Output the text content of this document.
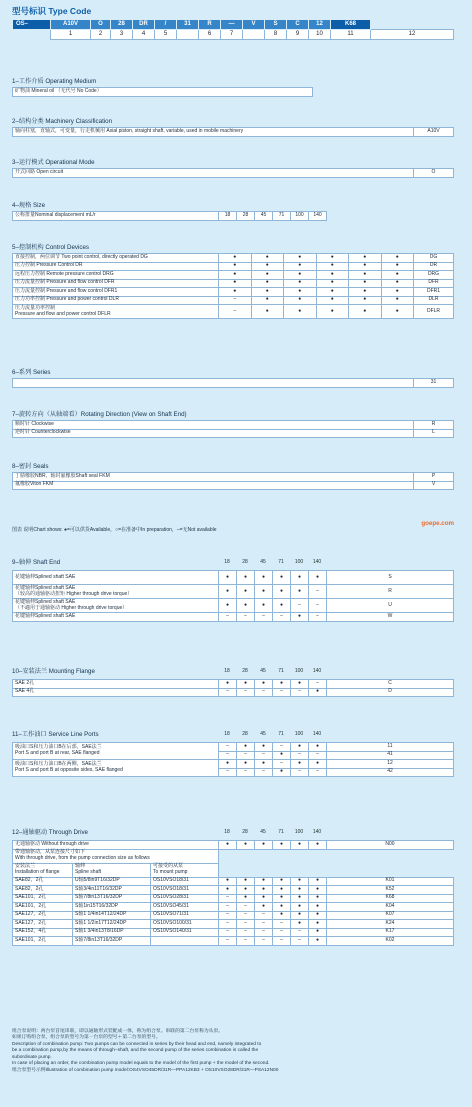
型号标识 Type Code
OS–	A10V	O	28	DR	/	31	R	—	V	S	C	12	K68	
	1	2	3	4	5		6	7		8	9	10	11	12
1–工作介质 Operating Medium
矿物油 Mineral oil （无代号 No Code）	
2–结构分类 Machinery Classification
轴向柱塞，直轴式，可变量，行走机械用 Axial piston, straight shaft, variable, used in mobile machinery	A10V
3–运行模式 Operational Mode
开式回路 Open circuit	O
4–规格 Size
公称排量Nominal displacement mL/r	18	28	45	71	100	140	
5–控制机构 Control Devices
直接控制，两位调节 Two point control, directly operated DG	●	●	●	●	●	●	DG
压力控制 Pressure Control DR	●	●	●	●	●	●	DR
远程压力控制 Remote pressure control DRG	●	●	●	●	●	●	DRG
压力流量控制 Pressure and flow control DFR	●	●	●	●	●	●	DFR
压力流量控制 Pressure and flow control DFR1	●	●	●	●	●	●	DFR1
压力功率控制 Pressure and power control DLR	–	●	●	●	●	●	DLR
压力流量功率控制
Pressure and flow and power control DFLR	–	●	●	●	●	●	DFLR
6–系列 Series
	31
7–旋转方向（从轴端看）Rotating Direction (View on Shaft End)
顺时针 Clockwise	R
逆时针 Counterclockwise	L
8–密封 Seals
丁腈橡胶NBR，轴封氟橡胶Shaft seal FKM	P
氟橡胶Viton FKM	V
goepe.com
图表 说明Chart shows: ●=可以供货Available，○=在准备中In preparation，–=无Not available
9–轴伸 Shaft End	18	28	45	71	100	140	
花键轴伸Splined shaft SAE	●	●	●	●	●	●	S
花键轴伸Splined shaft SAE
（较高的通轴驱动扭矩 Higher through drive torque）	●	●	●	●	●	–	R
花键轴伸Splined shaft SAE
（不適用于通轴驱动 Higher through drive torque）	●	●	●	●	–	–	U
花键轴伸Splined shaft SAE	–	–	–	–	●	–	W
10–安装法兰 Mounting Flange	18	28	45	71	100	140	
SAE 2孔	●	●	●	●	●	–	C
SAE 4孔	–	–	–	–	–	●	D
11–工作油口 Service Line Ports	18	28	45	71	100	140	
吸油口S和压力油口B在后部，SAE法兰
Port S and port B at rear, SAE flanged	–	●	●	–	●	●	11
	–	–	–	●	–	–	41
吸油口S和压力油口B在两侧，SAE法兰
Port S and port B at opposite sides, SAE flanged	●	●	●	–	●	●	12
	–	–	–	●	–	–	42
12–通轴驱动 Through Drive	18	28	45	71	100	140	
无通轴驱动 Without through drive			●	●	●	●	●	●	N00
带通轴驱动，从泵连接尺寸如下
With through drive, from the pump connection size as follows									
安装法兰
Installation of flange	轴伸
Spline shaft	可接受的从泵
To mount pump							
SAE82，2孔	U轴5/8in9T16/32DP	OS10VSO18/31	●	●	●	●	●	●	K01
SAE82，2孔	S轴3/4in11T16/32DP	OS10VSO18/31	●	●	●	●	●	●	K52
SAE101，2孔	S轴7/8in13T16/32DP	OS10VSO28/31	–	●	●	●	●	●	K68
SAE101，2孔	S轴1in15T16/32DP	OS10VSO45/31	–	–	●	●	●	●	K04
SAE127，2孔	S轴1 1/4in14T12/24DP	OS10VSO71/31	–	–	–	●	●	●	K07
SAE127，2孔	S轴1 1/2in17T12/24DP	OS10VSO100/31	–	–	–	–	●	●	K24
SAE152，4孔	S轴1 3/4in13T8/16DP	OS10VSO140/31	–	–	–	–	–	●	K17
SAE101，2孔	S轴7/8in13T16/32DP		–	–	–	–	–	●	K02
组合泵说明：两台泵首尾串联，即以通轴形式装配成一体，称为组合泵。串联的第二台泵称为从泵。
如果订购组合泵，组合泵的型号为第一台泵的型号＋第二台泵的型号。
Description of combination pump: Two pumps can be connected in series by their head and end, namely integrated to
be a combination pump,by the means of through–shaft, and the second pump of the series combination is called the
subordinate pump.
In case of placing an order, the combination pump model equals to the model of the first pump + the model of the second.
组合泵型号示例Illustration of combination pump model:OS4VSO45DR/31R—PPA12KB3 + OS10VSO28DR/31R—PSA12N00
